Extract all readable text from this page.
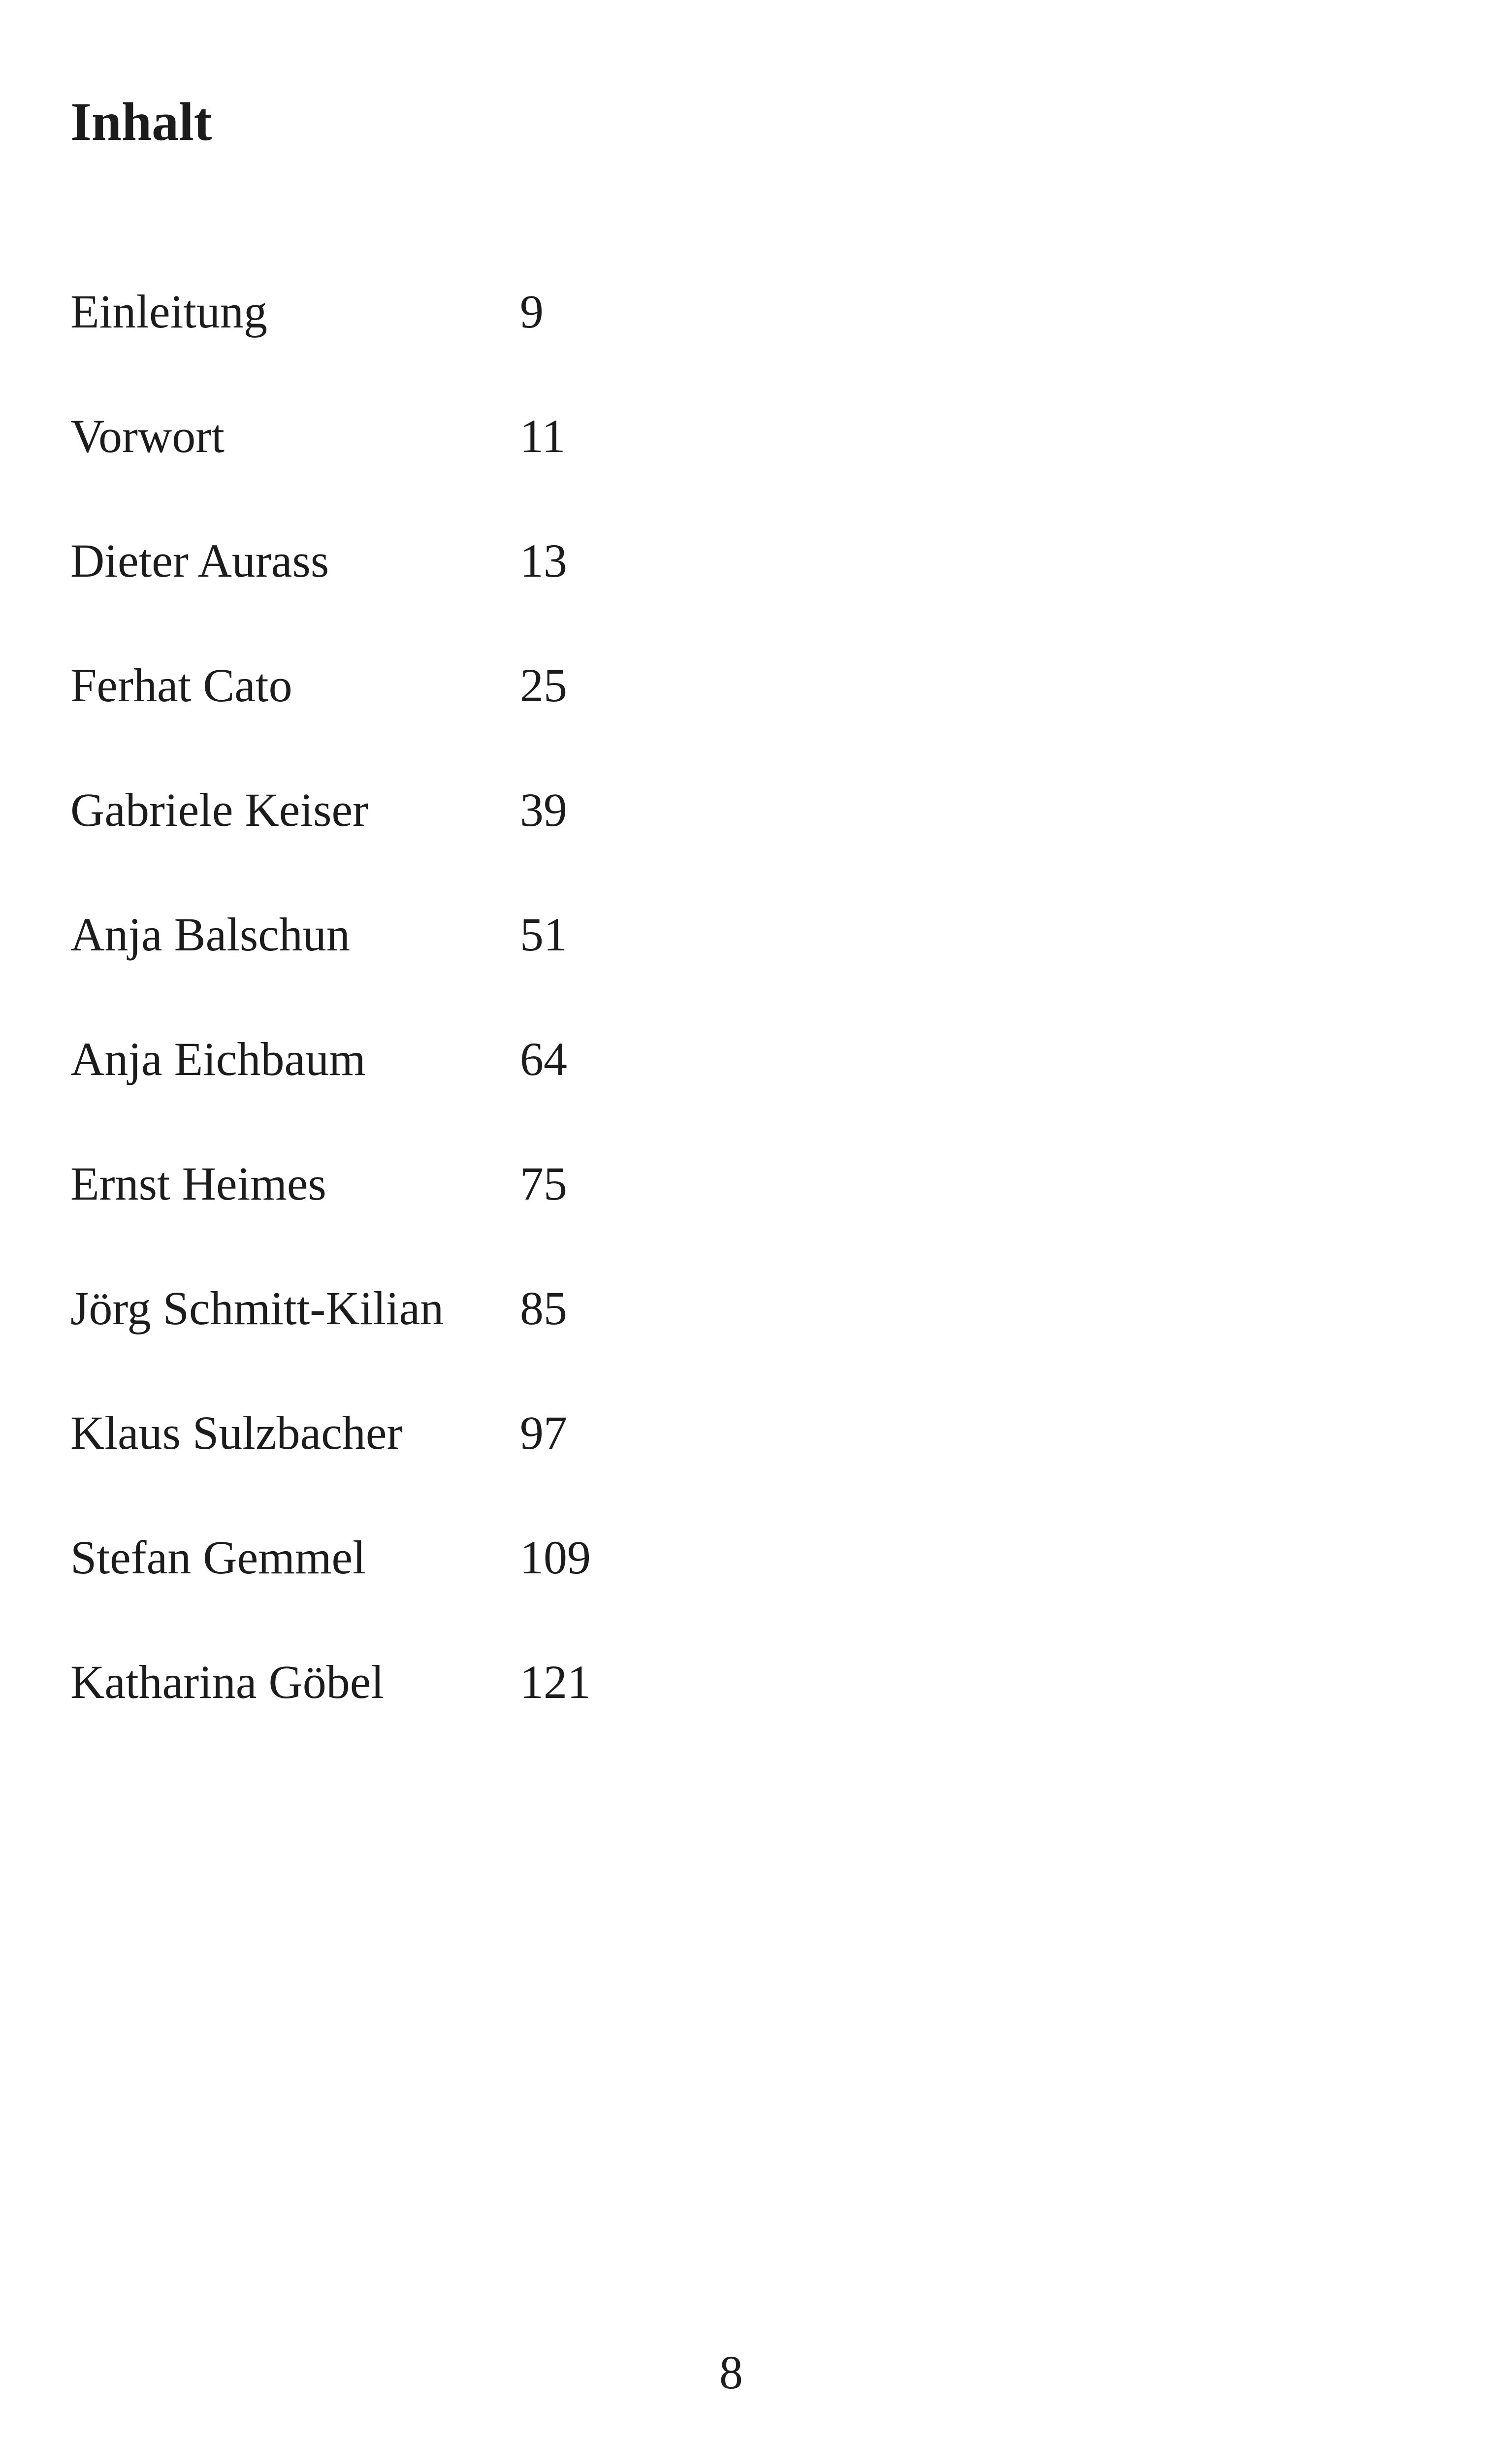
Inhalt
Einleitung	9
Vorwort	11
Dieter Aurass	13
Ferhat Cato	25
Gabriele Keiser	39
Anja Balschun	51
Anja Eichbaum	64
Ernst Heimes	75
Jörg Schmitt-Kilian 85
Klaus Sulzbacher 97
Stefan Gemmel	109
Katharina Göbel	121
8
